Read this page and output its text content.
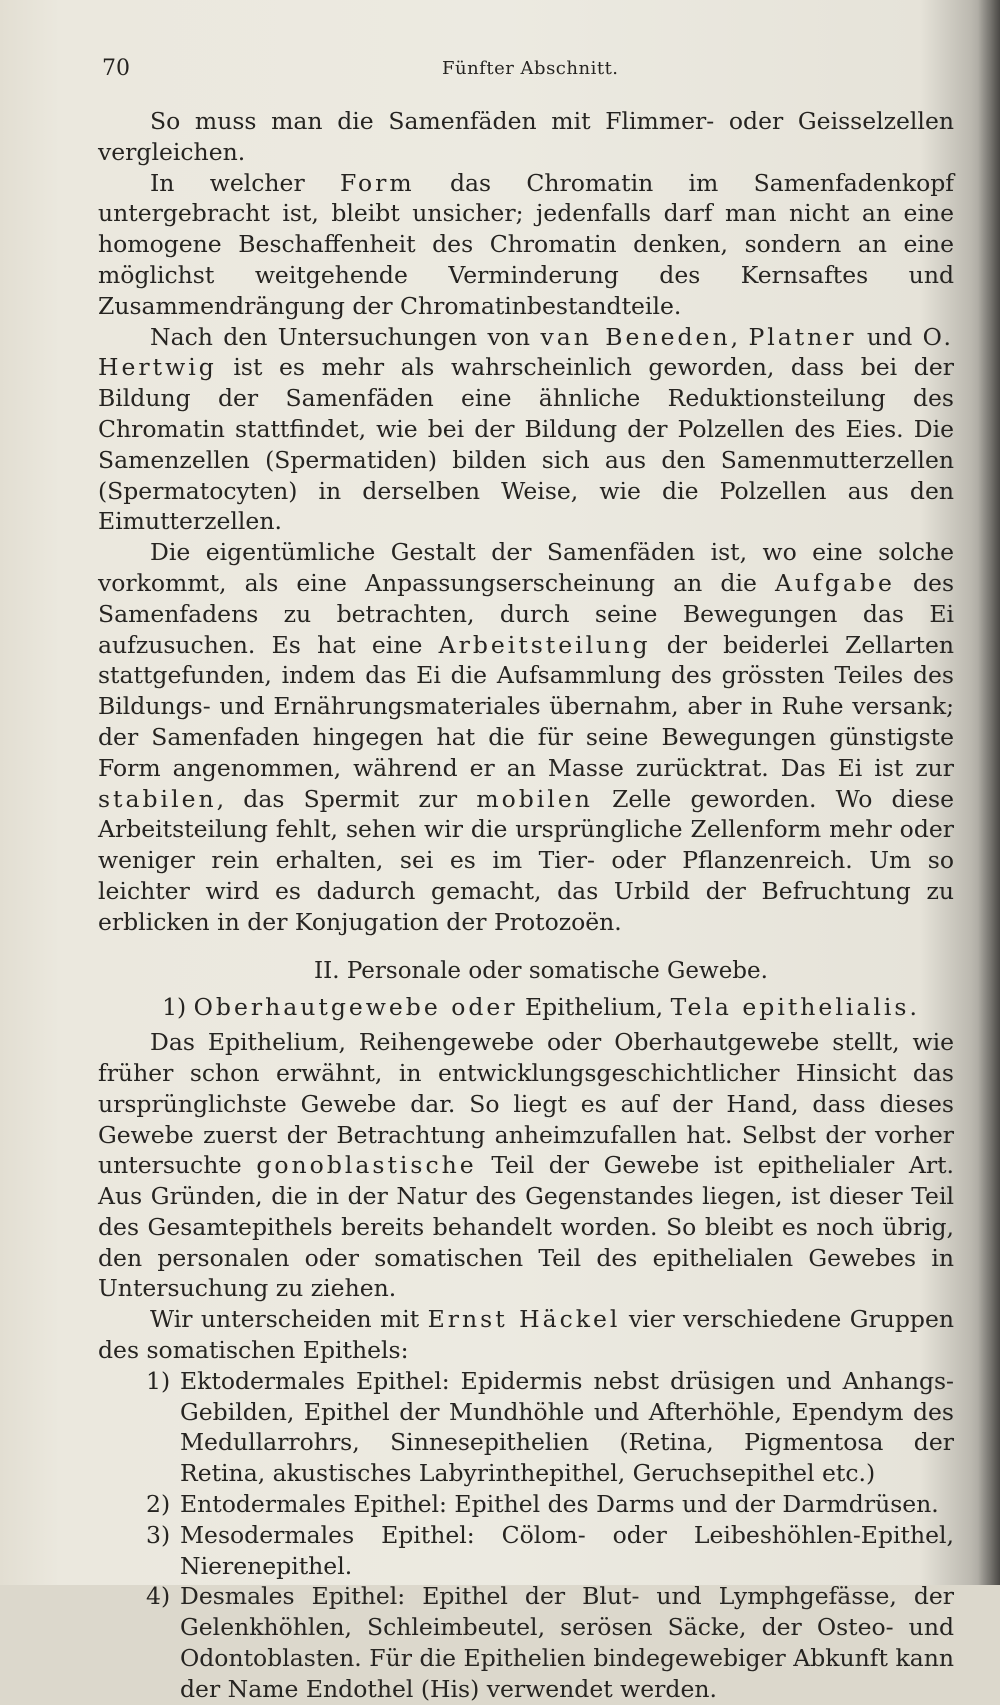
70	Fünfter Abschnitt.

So muss man die Samenfäden mit Flimmer- oder Geisselzellen vergleichen.

In welcher Form das Chromatin im Samenfadenkopf untergebracht ist, bleibt unsicher; jedenfalls darf man nicht an eine homogene Beschaffenheit des Chromatin denken, sondern an eine möglichst weitgehende Verminderung des Kernsaftes und Zusammendrängung der Chromatinbestandteile.

Nach den Untersuchungen von van Beneden, Platner und O. Hertwig ist es mehr als wahrscheinlich geworden, dass bei der Bildung der Samenfäden eine ähnliche Reduktionsteilung des Chromatin stattfindet, wie bei der Bildung der Polzellen des Eies. Die Samenzellen (Spermatiden) bilden sich aus den Samenmutterzellen (Spermatocyten) in derselben Weise, wie die Polzellen aus den Eimutterzellen.

Die eigentümliche Gestalt der Samenfäden ist, wo eine solche vorkommt, als eine Anpassungserscheinung an die Aufgabe des Samenfadens zu betrachten, durch seine Bewegungen das Ei aufzusuchen. Es hat eine Arbeitsteilung der beiderlei Zellarten stattgefunden, indem das Ei die Aufsammlung des grössten Teiles des Bildungs- und Ernährungsmateriales übernahm, aber in Ruhe versank; der Samenfaden hingegen hat die für seine Bewegungen günstigste Form angenommen, während er an Masse zurücktrat. Das Ei ist zur stabilen, das Spermit zur mobilen Zelle geworden. Wo diese Arbeitsteilung fehlt, sehen wir die ursprüngliche Zellenform mehr oder weniger rein erhalten, sei es im Tier- oder Pflanzenreich. Um so leichter wird es dadurch gemacht, das Urbild der Befruchtung zu erblicken in der Konjugation der Protozoën.

II. Personale oder somatische Gewebe.

1) Oberhautgewebe oder Epithelium, Tela epithelialis.

Das Epithelium, Reihengewebe oder Oberhautgewebe stellt, wie früher schon erwähnt, in entwicklungsgeschichtlicher Hinsicht das ursprünglichste Gewebe dar. So liegt es auf der Hand, dass dieses Gewebe zuerst der Betrachtung anheimzufallen hat. Selbst der vorher untersuchte gonoblastische Teil der Gewebe ist epithelialer Art. Aus Gründen, die in der Natur des Gegenstandes liegen, ist dieser Teil des Gesamtepithels bereits behandelt worden. So bleibt es noch übrig, den personalen oder somatischen Teil des epithelialen Gewebes in Untersuchung zu ziehen.

Wir unterscheiden mit Ernst Häckel vier verschiedene Gruppen des somatischen Epithels:

1) Ektodermales Epithel: Epidermis nebst drüsigen und Anhangs-Gebilden, Epithel der Mundhöhle und Afterhöhle, Ependym des Medullarrohrs, Sinnesepithelien (Retina, Pigmentosa der Retina, akustisches Labyrinthepithel, Geruchsepithel etc.)

2) Entodermales Epithel: Epithel des Darms und der Darmdrüsen.

3) Mesodermales Epithel: Cölom- oder Leibeshöhlen-Epithel, Nierenepithel.

4) Desmales Epithel: Epithel der Blut- und Lymphgefässe, der Gelenkhöhlen, Schleimbeutel, serösen Säcke, der Osteo- und Odontoblasten. Für die Epithelien bindegewebiger Abkunft kann der Name Endothel (His) verwendet werden.
